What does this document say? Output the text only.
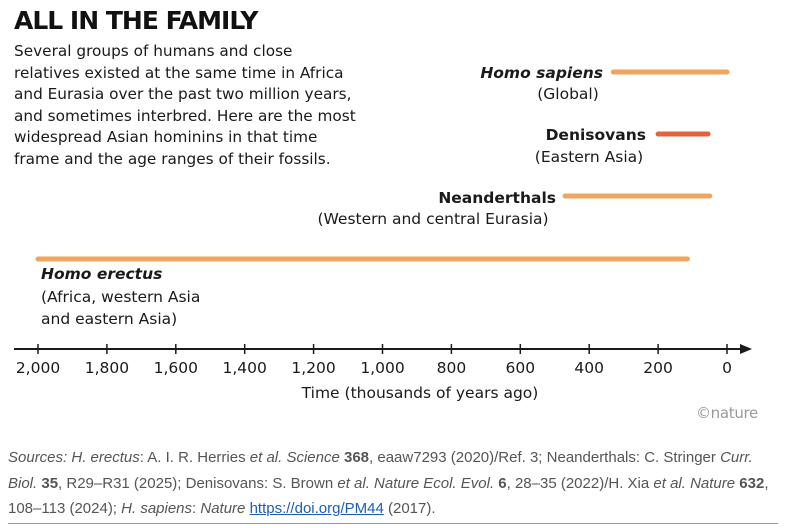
ALL IN THE FAMILY

Several groups of humans and close relatives existed at the same time in Africa and Eurasia over the past two million years, and sometimes interbred. Here are the most widespread Asian hominins in that time frame and the age ranges of their fossils.

Homo sapiens
(Global)
Denisovans
(Eastern Asia)
Neanderthals
(Western and central Eurasia)
Homo erectus
(Africa, western Asia
and eastern Asia)
2,000 1,800 1,600 1,400 1,200 1,000 800	600	400	200	0
Time (thousands of years ago)
©nature

Sources: H. erectus: A. I. R. Herries et al. Science 368, eaaw7293 (2020)/Ref. 3; Neanderthals: C. Stringer Curr. Biol. 35, R29–R31 (2025); Denisovans: S. Brown et al. Nature Ecol. Evol. 6, 28–35 (2022)/H. Xia et al. Nature 632, 108–113 (2024); H. sapiens: Nature https://doi.org/PM44 (2017).
